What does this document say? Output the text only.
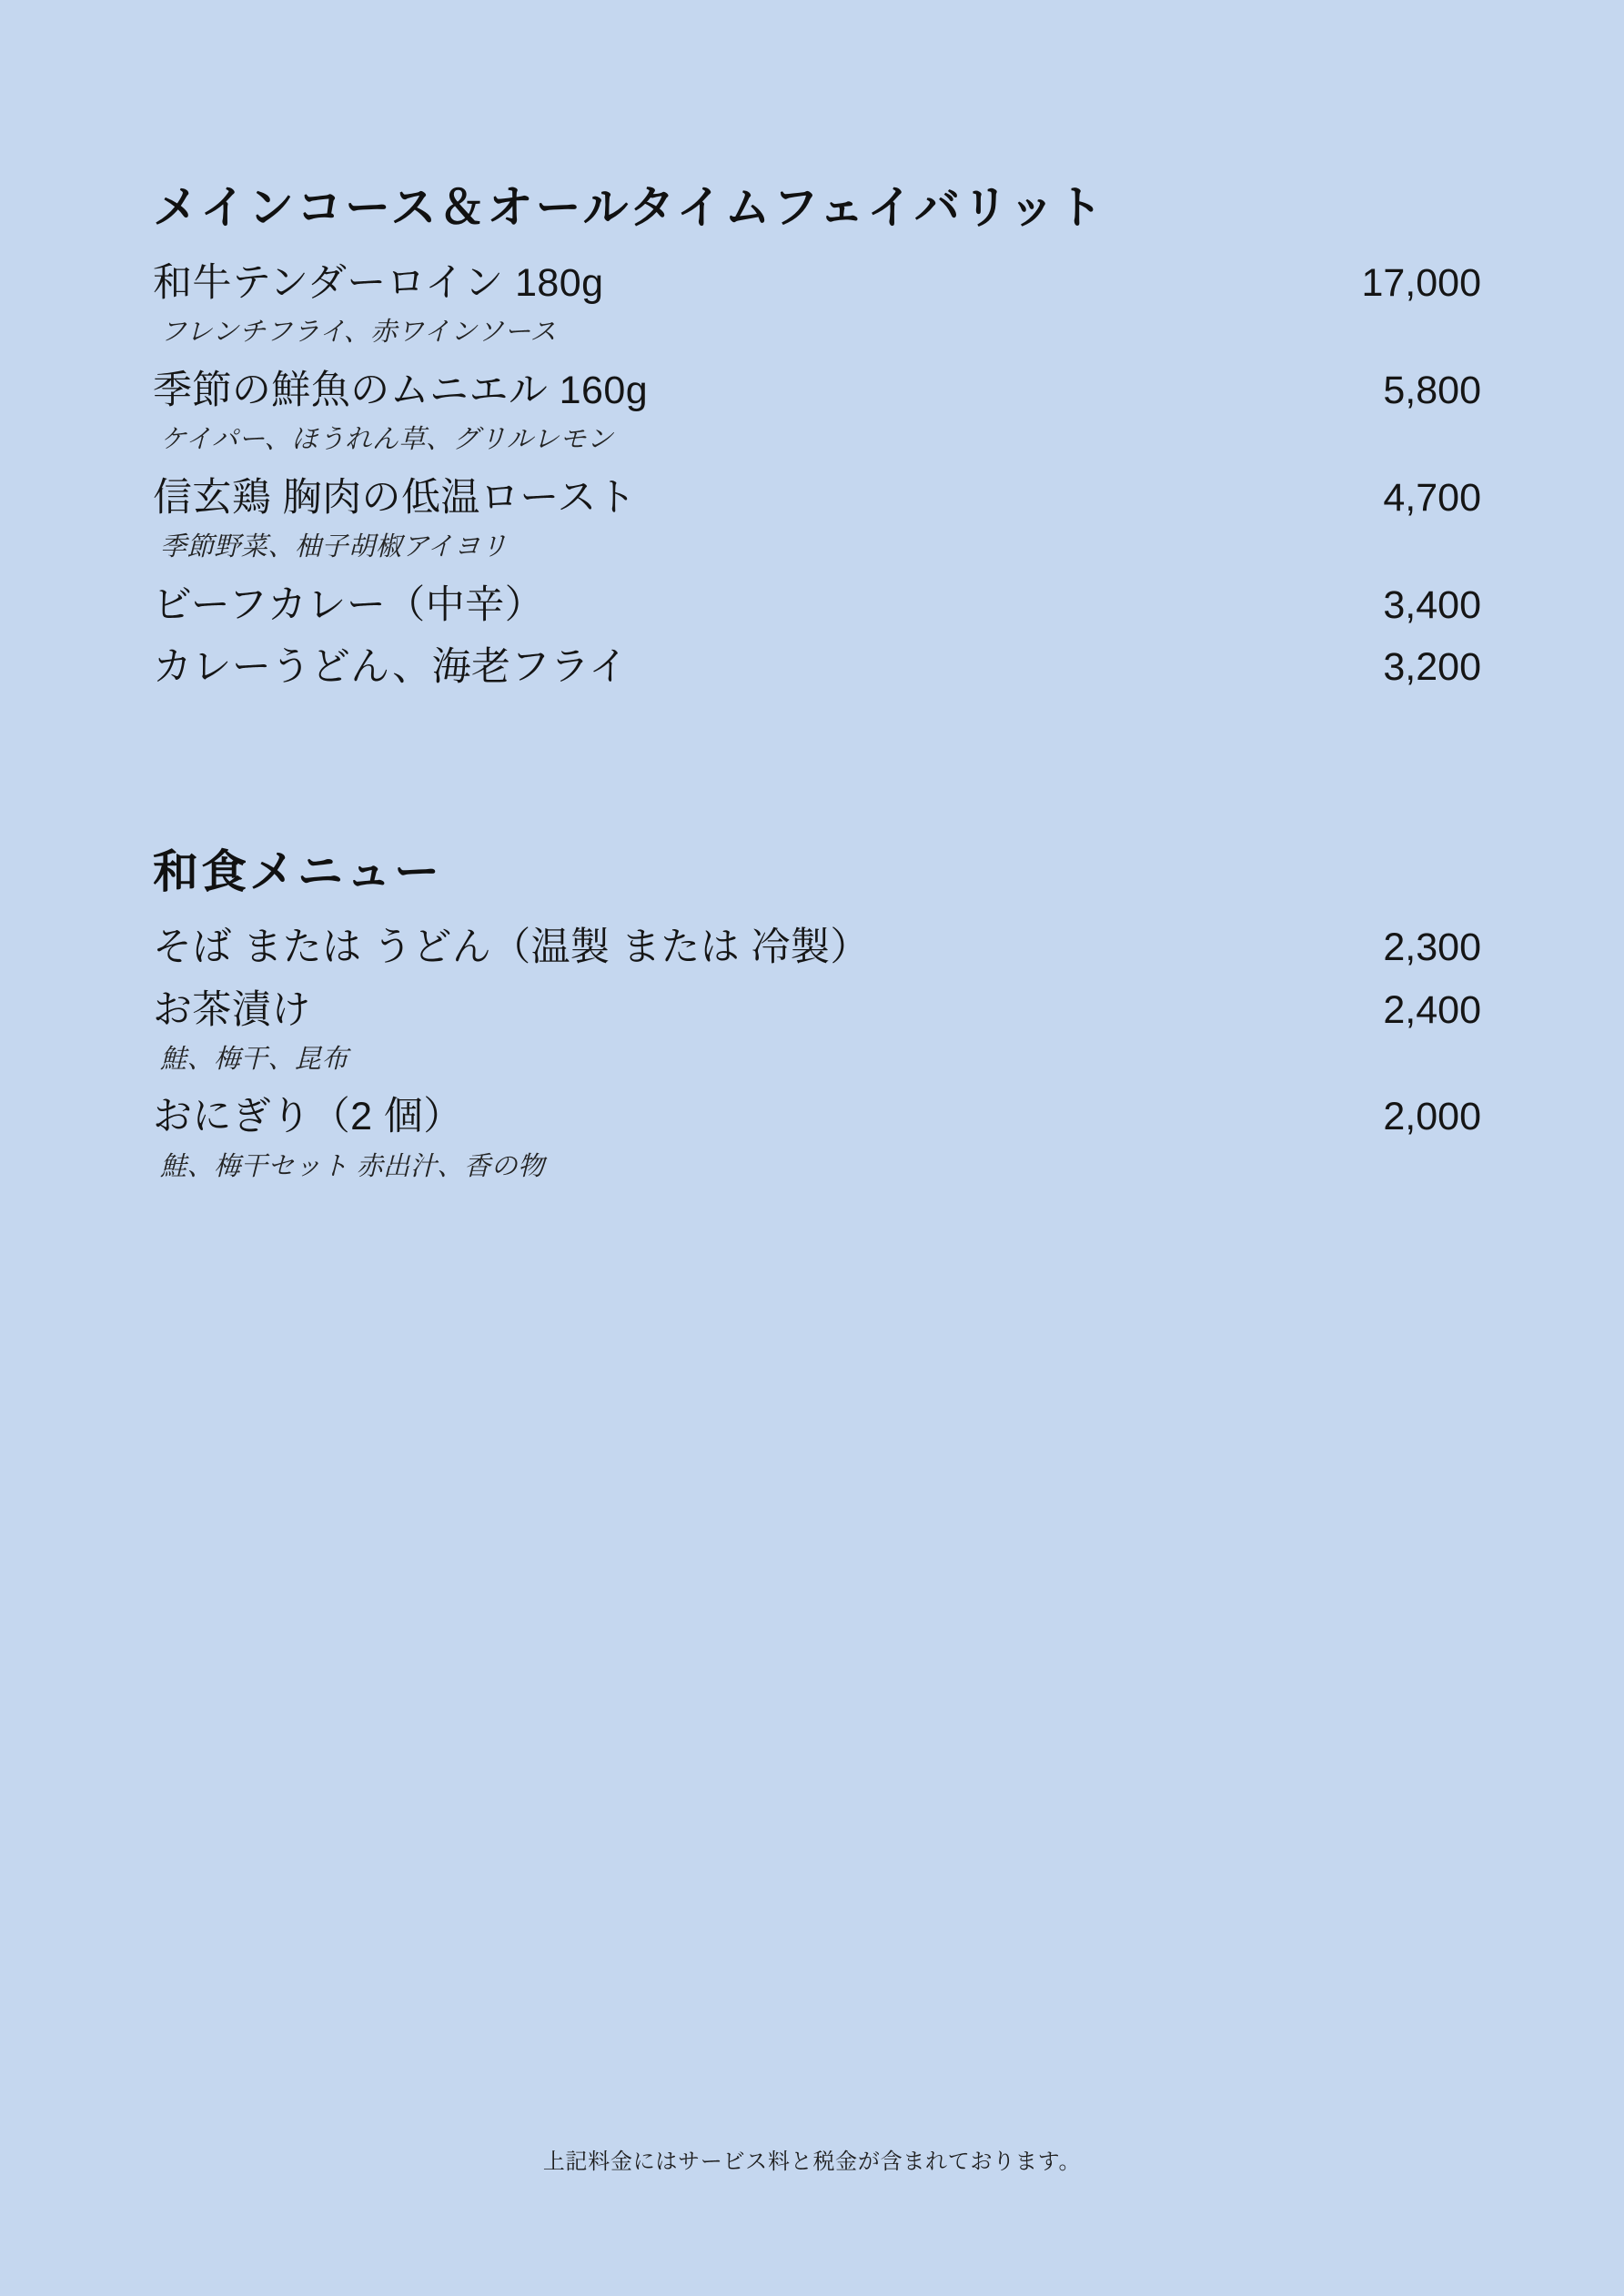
メインコース＆オールタイムフェイバリット
和牛テンダーロイン 180g	17,000
フレンチフライ、赤ワインソース
季節の鮮魚のムニエル 160g	5,800
ケイパー、ほうれん草、グリルレモン
信玄鶏 胸肉の低温ロースト	4,700
季節野菜、柚子胡椒アイヨリ
ビーフカレー（中辛）	3,400
カレーうどん、海老フライ	3,200
和食メニュー
そば または うどん（温製 または 冷製）	2,300
お茶漬け	2,400
鮭、梅干、昆布
おにぎり（2 個）	2,000
鮭、梅干セット 赤出汁、香の物
上記料金にはサービス料と税金が含まれております。
